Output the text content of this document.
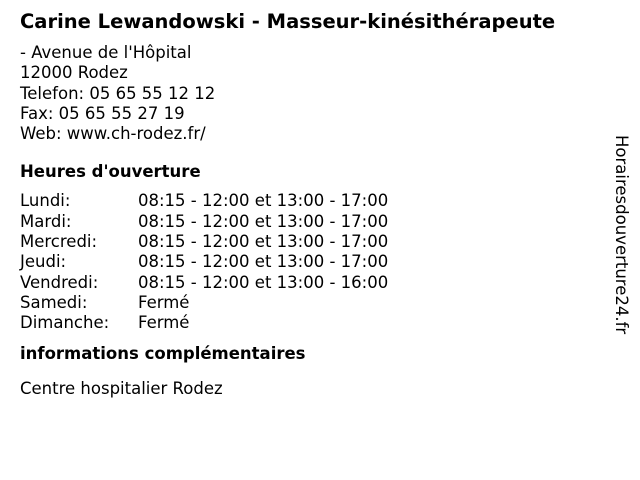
Carine Lewandowski - Masseur-kinésithérapeute
- Avenue de l'Hôpital
12000 Rodez
Telefon: 05 65 55 12 12
Fax: 05 65 55 27 19
Web: www.ch-rodez.fr/
Heures d'ouverture
Lundi:	08:15 - 12:00 et 13:00 - 17:00
Mardi:	08:15 - 12:00 et 13:00 - 17:00
Mercredi:	08:15 - 12:00 et 13:00 - 17:00
Jeudi:	08:15 - 12:00 et 13:00 - 17:00
Vendredi:	08:15 - 12:00 et 13:00 - 16:00
Samedi:	Fermé
Dimanche:	Fermé
informations complémentaires
Centre hospitalier Rodez
Horairesdouverture24.fr
